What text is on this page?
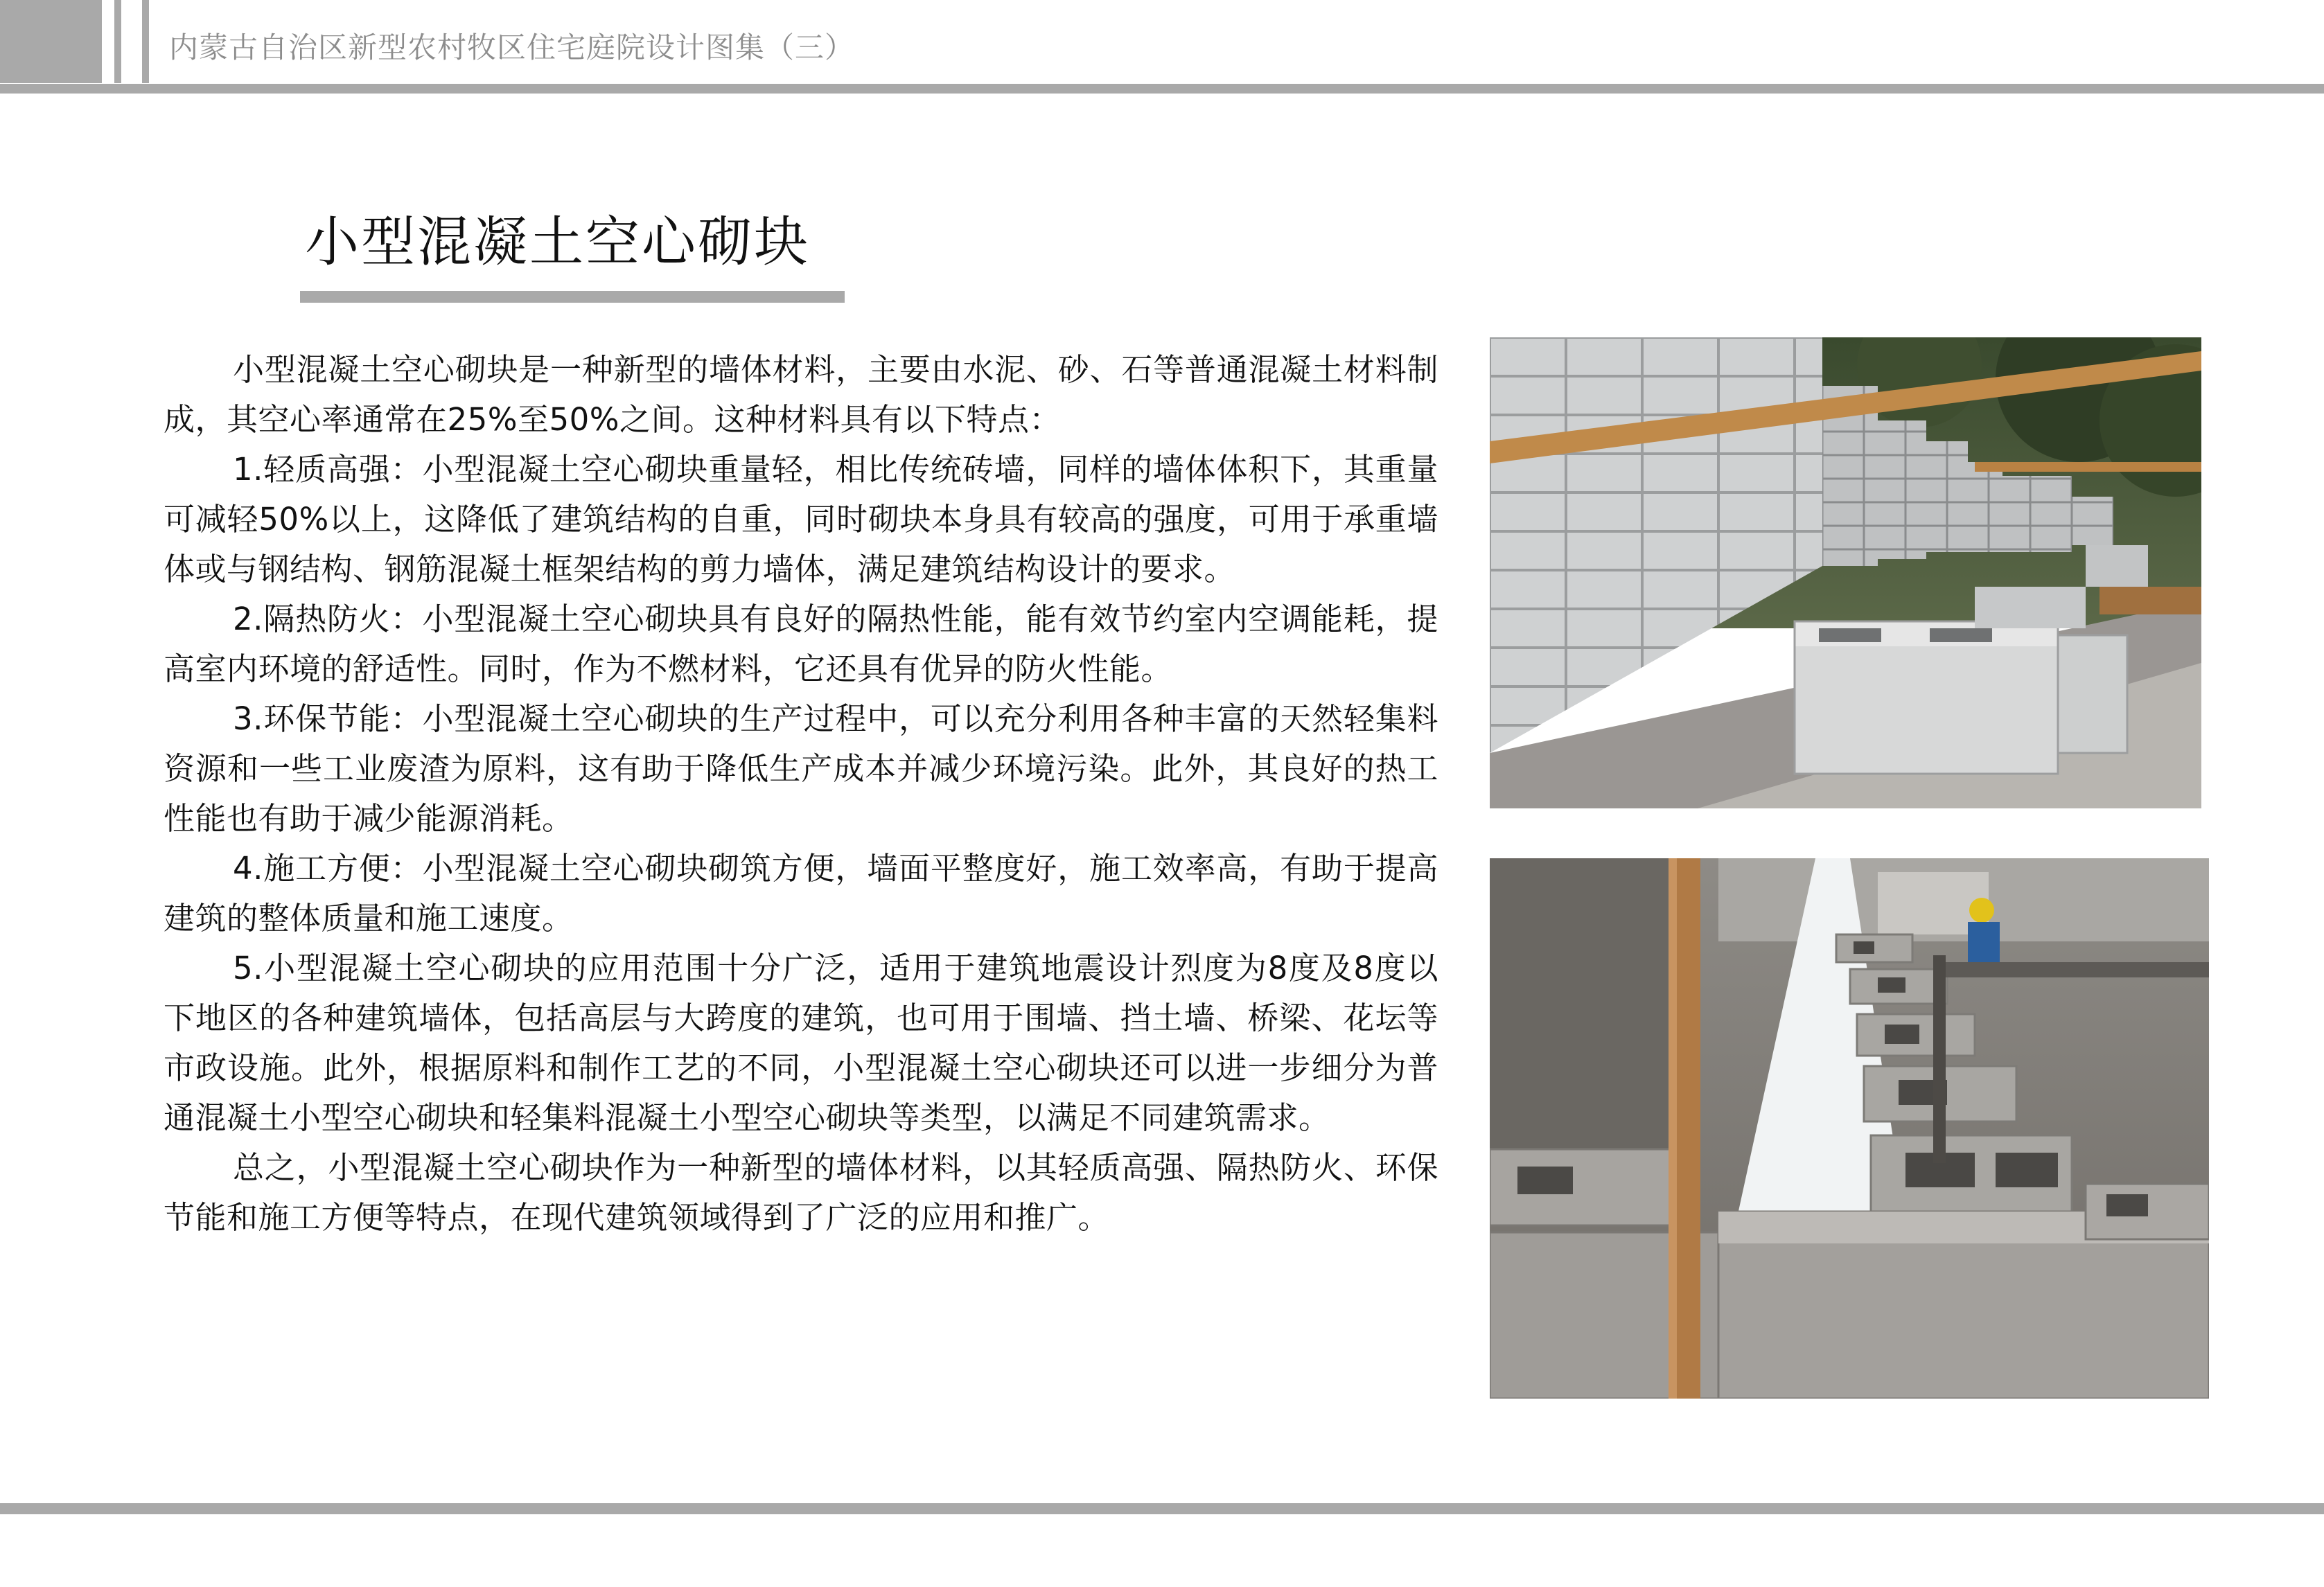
内蒙古自治区新型农村牧区住宅庭院设计图集（三）
小型混凝土空心砌块

小型混凝土空心砌块是一种新型的墙体材料，主要由水泥、砂、石等普通混凝土材料制成，其空心率通常在25%至50%之间。这种材料具有以下特点：

1.轻质高强：小型混凝土空心砌块重量轻，相比传统砖墙，同样的墙体体积下，其重量可减轻50%以上，这降低了建筑结构的自重，同时砌块本身具有较高的强度，可用于承重墙体或与钢结构、钢筋混凝土框架结构的剪力墙体，满足建筑结构设计的要求。

2.隔热防火：小型混凝土空心砌块具有良好的隔热性能，能有效节约室内空调能耗，提高室内环境的舒适性。同时，作为不燃材料，它还具有优异的防火性能。

3.环保节能：小型混凝土空心砌块的生产过程中，可以充分利用各种丰富的天然轻集料资源和一些工业废渣为原料，这有助于降低生产成本并减少环境污染。此外，其良好的热工性能也有助于减少能源消耗。

4.施工方便：小型混凝土空心砌块砌筑方便，墙面平整度好，施工效率高，有助于提高建筑的整体质量和施工速度。

5.小型混凝土空心砌块的应用范围十分广泛，适用于建筑地震设计烈度为8度及8度以下地区的各种建筑墙体，包括高层与大跨度的建筑，也可用于围墙、挡土墙、桥梁、花坛等市政设施。此外，根据原料和制作工艺的不同，小型混凝土空心砌块还可以进一步细分为普通混凝土小型空心砌块和轻集料混凝土小型空心砌块等类型，以满足不同建筑需求。

总之，小型混凝土空心砌块作为一种新型的墙体材料，以其轻质高强、隔热防火、环保节能和施工方便等特点，在现代建筑领域得到了广泛的应用和推广。
